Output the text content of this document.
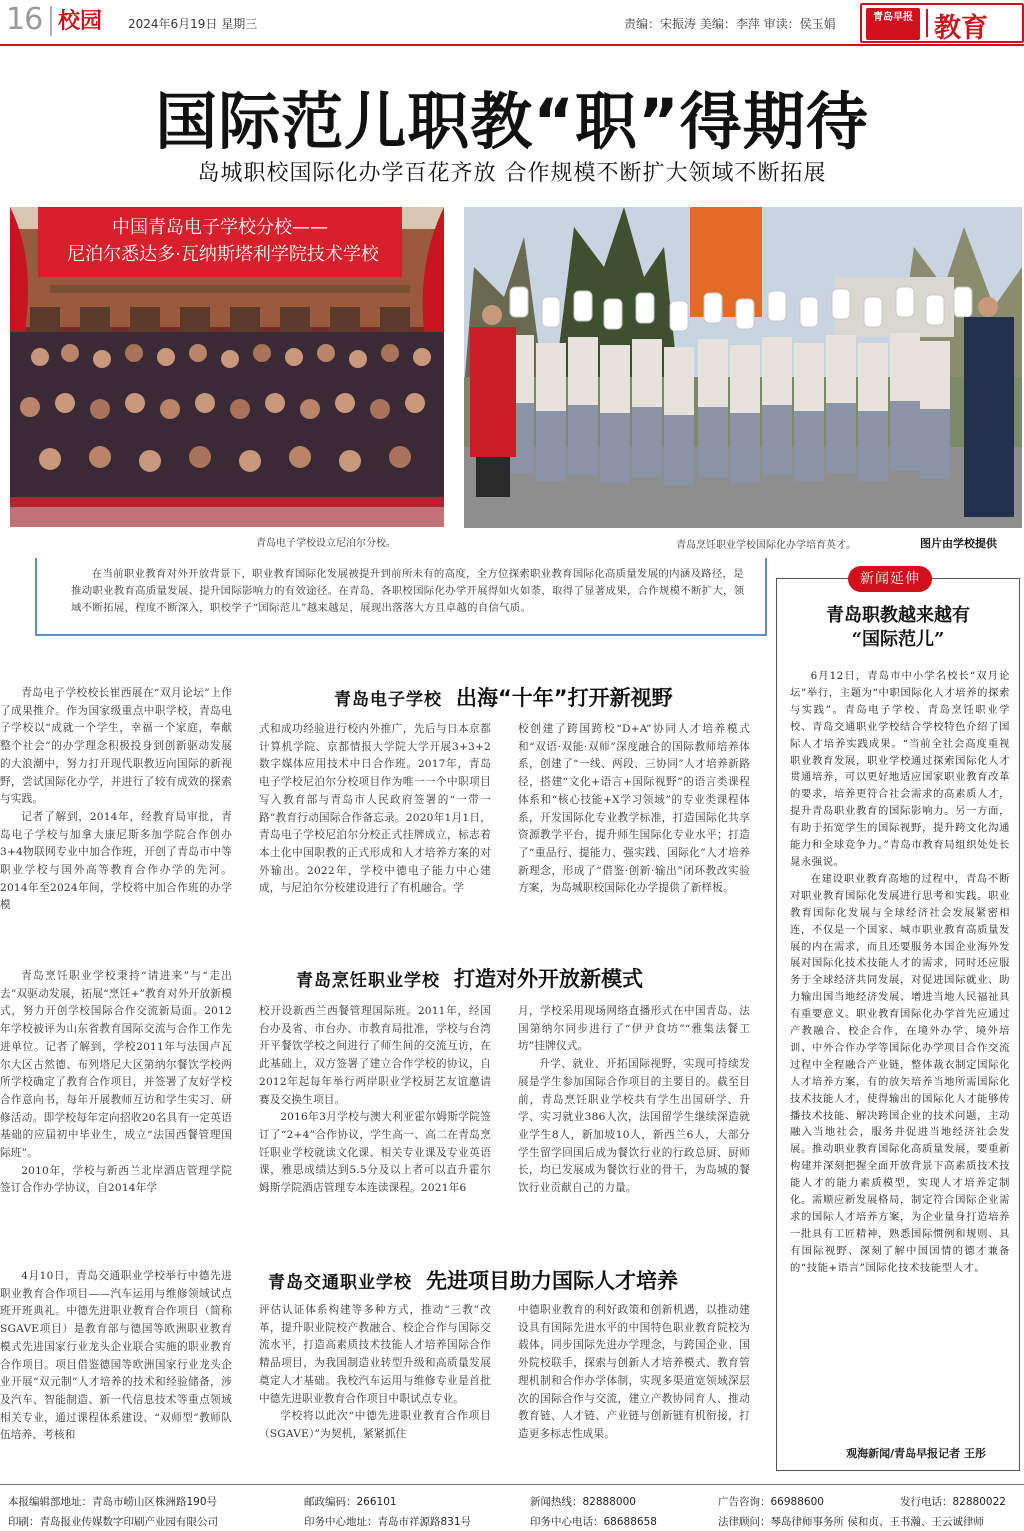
16 校园 2024年6月19日 星期三	责编：宋振涛 美编：李萍 审读：侯玉娟	青岛早报 教育
国际范儿职教“职”得期待
岛城职校国际化办学百花齐放 合作规模不断扩大领域不断拓展
中国青岛电子学校分校——
尼泊尔悉达多·瓦纳斯塔利学院技术学校
青岛电子学校设立尼泊尔分校。	青岛烹饪职业学校国际化办学培育英才。	图片由学校提供
在当前职业教育对外开放背景下，职业教育国际化发展被提升到前所未有的高度，全方位探索职业教育国际化高质量发展的内涵及路径，是推动职业教育高质量发展、提升国际影响力的有效途径。在青岛，各职校国际化办学开展得如火如荼，取得了显著成果，合作规模不断扩大，领域不断拓展，程度不断深入，职校学子“国际范儿”越来越足，展现出落落大方且卓越的自信气质。
新闻延伸
青岛职教越来越有
“国际范儿”

6月12日，青岛市中小学名校长“双月论坛”举行，主题为“中职国际化人才培养的探索与实践”。青岛电子学校、青岛烹饪职业学校、青岛交通职业学校结合学校特色介绍了国际人才培养实践成果。“当前全社会高度重视职业教育发展，职业学校通过探索国际化人才贯通培养，可以更好地适应国家职业教育改革的要求，培养更符合社会需求的高素质人才，提升青岛职业教育的国际影响力。另一方面，有助于拓宽学生的国际视野，提升跨文化沟通能力和全球竞争力。”青岛市教育局组织处处长晁永强说。

在建设职业教育高地的过程中，青岛不断对职业教育国际化发展进行思考和实践。职业教育国际化发展与全球经济社会发展紧密相连，不仅是一个国家、城市职业教育高质量发展的内在需求，而且还要服务本国企业海外发展对国际化技术技能人才的需求，同时还应服务于全球经济共同发展，对促进国际就业、助力输出国当地经济发展、增进当地人民福祉具有重要意义。职业教育国际化办学首先应通过产教融合、校企合作，在境外办学、境外培训、中外合作办学等国际化办学项目合作交流过程中全程融合产业链，整体裁衣制定国际化人才培养方案，有的放矢培养当地所需国际化技术技能人才，使得输出的国际化人才能够传播技术技能、解决跨国企业的技术问题，主动融入当地社会，服务并促进当地经济社会发展。推动职业教育国际化高质量发展，要重新构建并深刻把握全面开放背景下高素质技术技能人才的能力素质模型，实现人才培养定制化。需顺应新发展格局，制定符合国际企业需求的国际人才培养方案，为企业量身打造培养一批具有工匠精神，熟悉国际惯例和规则、具有国际视野、深刻了解中国国情的德才兼备的“技能+语言”国际化技术技能型人才。

观海新闻/青岛早报记者 王彤
青岛电子学校 出海“十年”打开新视野
青岛电子学校校长崔西展在“双月论坛”上作了成果推介。作为国家级重点中职学校，青岛电子学校以“成就一个学生，幸福一个家庭，奉献整个社会”的办学理念积极投身到创新驱动发展的大浪潮中，努力打开现代职教迈向国际的新视野，尝试国际化办学，并进行了较有成效的探索与实践。
记者了解到，2014年，经教育局审批，青岛电子学校与加拿大康尼斯多加学院合作创办3+4物联网专业中加合作班，开创了青岛市中等职业学校与国外高等教育合作办学的先河。2014年至2024年间，学校将中加合作班的办学模
式和成功经验进行校内外推广，先后与日本京都计算机学院、京都情报大学院大学开展3+3+2数字媒体应用技术中日合作班。2017年，青岛电子学校尼泊尔分校项目作为唯一一个中职项目写入教育部与青岛市人民政府签署的“一带一路”教育行动国际合作备忘录。2020年1月1日，青岛电子学校尼泊尔分校正式挂牌成立，标志着本土化中国职教的正式形成和人才培养方案的对外输出。2022年，学校中德电子能力中心建成，与尼泊尔分校建设进行了有机融合。学
校创建了跨国跨校“D+A”协同人才培养模式和“双语·双能·双师”深度融合的国际教师培养体系，创建了“一线、两段、三协同”人才培养新路径，搭建“文化+语言+国际视野”的语言类课程体系和“核心技能+X学习领域”的专业类课程体系，开发国际化专业教学标准，打造国际化共享资源教学平台，提升师生国际化专业水平；打造了“重品行、提能力、强实践、国际化”人才培养新理念，形成了“借鉴·创新·输出”闭环教改实验方案，为岛城职校国际化办学提供了新样板。
青岛烹饪职业学校 打造对外开放新模式
青岛烹饪职业学校秉持“请进来”与“走出去”双驱动发展，拓展“烹饪+”教育对外开放新模式，努力开创学校国际合作交流新局面。2012年学校被评为山东省教育国际交流与合作工作先进单位。记者了解到，学校2011年与法国卢瓦尔大区古然德、布列塔尼大区第纳尔餐饮学校两所学校确定了教育合作项目，并签署了友好学校合作意向书，每年开展教师互访和学生实习、研修活动。即学校每年定向招收20名具有一定英语基础的应届初中毕业生，成立“法国西餐管理国际班”。
2010年，学校与新西兰北岸酒店管理学院签订合作办学协议，自2014年学
校开设新西兰西餐管理国际班。2011年，经国台办及省、市台办、市教育局批准，学校与台湾开平餐饮学校之间进行了师生间的交流互访，在此基础上，双方签署了建立合作学校的协议，自2012年起每年举行两岸职业学校厨艺友谊邀请赛及交换生项目。
2016年3月学校与澳大利亚霍尔姆斯学院签订了“2+4”合作协议，学生高一、高二在青岛烹饪职业学校就读文化课、相关专业课及专业英语课，雅思成绩达到5.5分及以上者可以直升霍尔姆斯学院酒店管理专本连读课程。2021年6
月，学校采用现场网络直播形式在中国青岛、法国第纳尔同步进行了“伊尹食坊”“雅集法餐工坊”挂牌仪式。
升学、就业、开拓国际视野，实现可持续发展是学生参加国际合作项目的主要目的。截至目前，青岛烹饪职业学校共有学生出国研学、升学、实习就业386人次，法国留学生继续深造就业学生8人，新加坡10人，新西兰6人，大部分学生留学回国后成为餐饮行业的行政总厨、厨师长，均已发展成为餐饮行业的骨干，为岛城的餐饮行业贡献自己的力量。
青岛交通职业学校 先进项目助力国际人才培养
4月10日，青岛交通职业学校举行中德先进职业教育合作项目——汽车运用与维修领域试点班开班典礼。中德先进职业教育合作项目（简称SGAVE项目）是教育部与德国等欧洲职业教育模式先进国家行业龙头企业联合实施的职业教育合作项目。项目借鉴德国等欧洲国家行业龙头企业开展“双元制”人才培养的技术和经验储备，涉及汽车、智能制造、新一代信息技术等重点领域相关专业，通过课程体系建设、“双师型”教师队伍培养、考核和
评估认证体系构建等多种方式，推动“三教”改革，提升职业院校产教融合、校企合作与国际交流水平，打造高素质技术技能人才培养国际合作精品项目，为我国制造业转型升级和高质量发展奠定人才基础。我校汽车运用与维修专业是首批中德先进职业教育合作项目中职试点专业。
学校将以此次“中德先进职业教育合作项目（SGAVE）”为契机，紧紧抓住
中德职业教育的利好政策和创新机遇，以推动建设具有国际先进水平的中国特色职业教育院校为载体，同步国际先进办学理念，与跨国企业、国外院校联手，探索与创新人才培养模式、教育管理机制和合作办学体制，实现多渠道宽领域深层次的国际合作与交流，建立产教协同育人、推动教育链、人才链、产业链与创新链有机衔接，打造更多标志性成果。
本报编辑部地址：青岛市崂山区株洲路190号	邮政编码：266101	新闻热线：82888000	广告咨询：66988600	发行电话：82880022
印刷：青岛报业传媒数字印刷产业园有限公司	印务中心地址：青岛市祥源路831号	印务中心电话：68688658	法律顾问：琴岛律师事务所 侯和贞、王书瀚、王云诚律师
